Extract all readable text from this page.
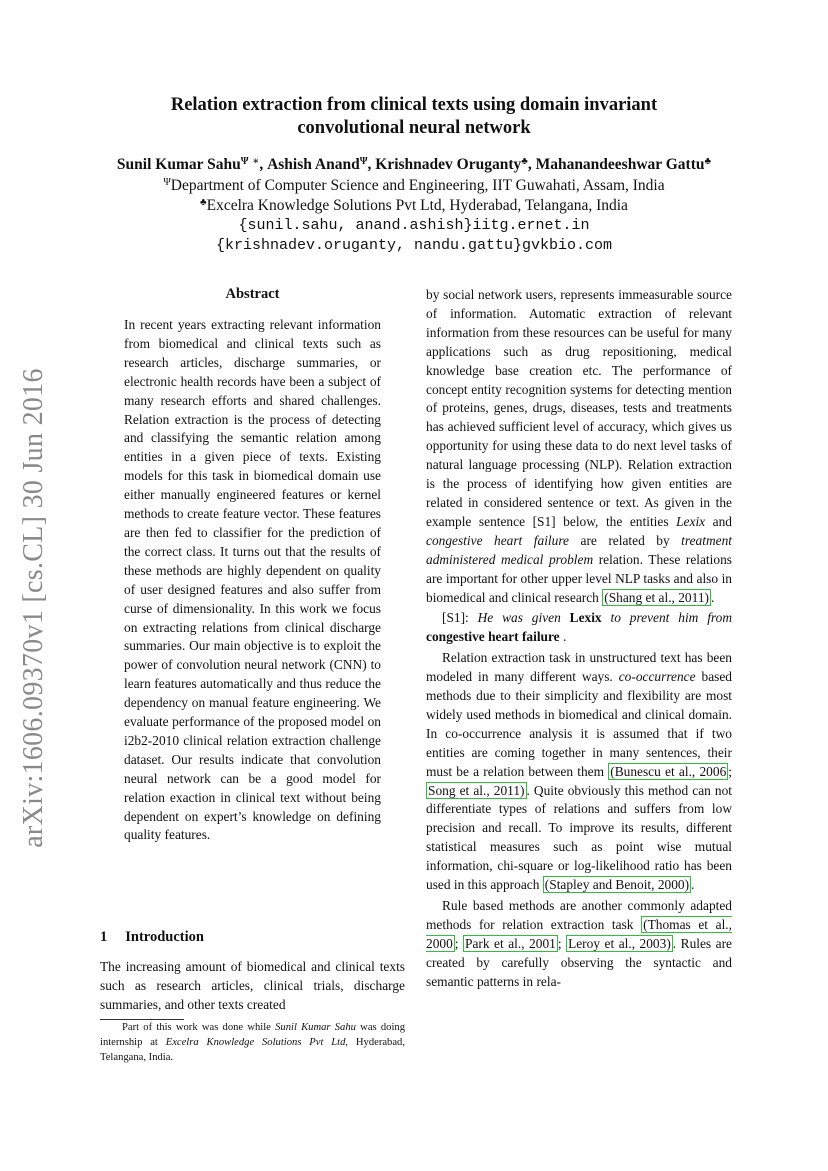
arXiv:1606.09370v1 [cs.CL] 30 Jun 2016
Relation extraction from clinical texts using domain invariant
convolutional neural network
Sunil Kumar Sahu$^\Psi$ ∗, Ashish Anand$^\Psi$, Krishnadev Oruganty♣, Mahanandeeshwar Gattu♣
$^\Psi$Department of Computer Science and Engineering, IIT Guwahati, Assam, India
♣Excelra Knowledge Solutions Pvt Ltd, Hyderabad, Telangana, India
{sunil.sahu, anand.ashish}iitg.ernet.in
{krishnadev.oruganty, nandu.gattu}gvkbio.com
Abstract

In recent years extracting relevant information from biomedical and clinical texts such as research articles, discharge summaries, or electronic health records have been a subject of many research efforts and shared challenges. Relation extraction is the process of detecting and classifying the semantic relation among entities in a given piece of texts. Existing models for this task in biomedical domain use either manually engineered features or kernel methods to create feature vector. These features are then fed to classifier for the prediction of the correct class. It turns out that the results of these methods are highly dependent on quality of user designed features and also suffer from curse of dimensionality. In this work we focus on extracting relations from clinical discharge summaries. Our main objective is to exploit the power of convolution neural network (CNN) to learn features automatically and thus reduce the dependency on manual feature engineering. We evaluate performance of the proposed model on i2b2-2010 clinical relation extraction challenge dataset. Our results indicate that convolution neural network can be a good model for relation exaction in clinical text without being dependent on expert’s knowledge on defining quality features.

1 Introduction

The increasing amount of biomedical and clinical texts such as research articles, clinical trials, discharge summaries, and other texts created

Part of this work was done while Sunil Kumar Sahu was doing internship at Excelra Knowledge Solutions Pvt Ltd, Hyderabad, Telangana, India.

by social network users, represents immeasurable source of information. Automatic extraction of relevant information from these resources can be useful for many applications such as drug repositioning, medical knowledge base creation etc. The performance of concept entity recognition systems for detecting mention of proteins, genes, drugs, diseases, tests and treatments has achieved sufficient level of accuracy, which gives us opportunity for using these data to do next level tasks of natural language processing (NLP). Relation extraction is the process of identifying how given entities are related in considered sentence or text. As given in the example sentence [S1] below, the entities Lexix and congestive heart failure are related by treatment administered medical problem relation. These relations are important for other upper level NLP tasks and also in biomedical and clinical research (Shang et al., 2011) .

[S1]: He was given Lexix to prevent him from congestive heart failure .

Relation extraction task in unstructured text has been modeled in many different ways. co-occurrence based methods due to their simplicity and flexibility are most widely used methods in biomedical and clinical domain. In co-occurrence analysis it is assumed that if two entities are coming together in many sentences, their must be a relation between them (Bunescu et al., 2006 ; Song et al., 2011) . Quite obviously this method can not differentiate types of relations and suffers from low precision and recall. To improve its results, different statistical measures such as point wise mutual information, chi-square or log-likelihood ratio has been used in this approach (Stapley and Benoit, 2000) .

Rule based methods are another commonly adapted methods for relation extraction task (Thomas et al., 2000 ; Park et al., 2001 ; Leroy et al., 2003) . Rules are created by carefully observing the syntactic and semantic patterns in rela-
